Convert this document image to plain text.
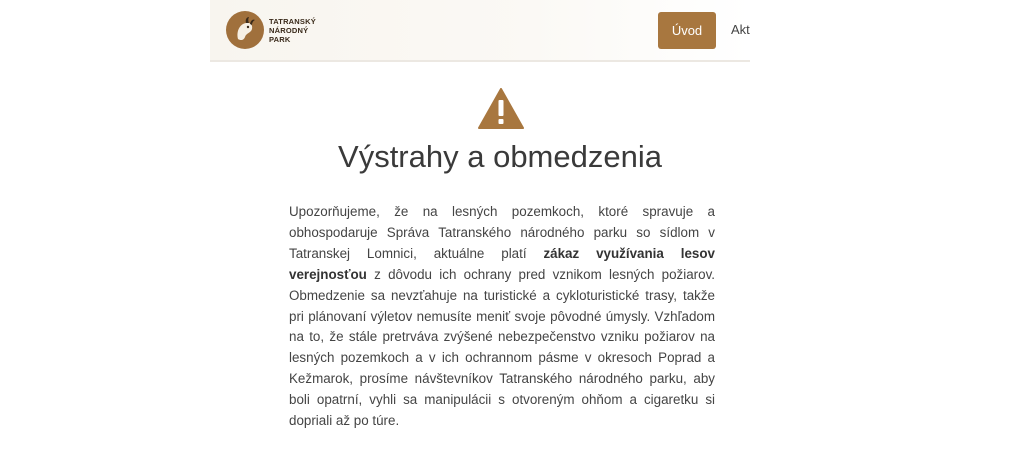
TATRANSKÝ
NÁRODNÝ
PARK
Úvod	Akt
Výstrahy a obmedzenia

Upozorňujeme, že na lesných pozemkoch, ktoré spravuje a obhospodaruje Správa Tatranského národného parku so sídlom v Tatranskej Lomnici, aktuálne platí zákaz využívania lesov verejnosťou z dôvodu ich ochrany pred vznikom lesných požiarov. Obmedzenie sa nevzťahuje na turistické a cykloturistické trasy, takže pri plánovaní výletov nemusíte meniť svoje pôvodné úmysly. Vzhľadom na to, že stále pretrváva zvýšené nebezpečenstvo vzniku požiarov na lesných pozemkoch a v ich ochrannom pásme v okresoch Poprad a Kežmarok, prosíme návštevníkov Tatranského národného parku, aby boli opatrní, vyhli sa manipulácii s otvoreným ohňom a cigaretku si dopriali až po túre.
